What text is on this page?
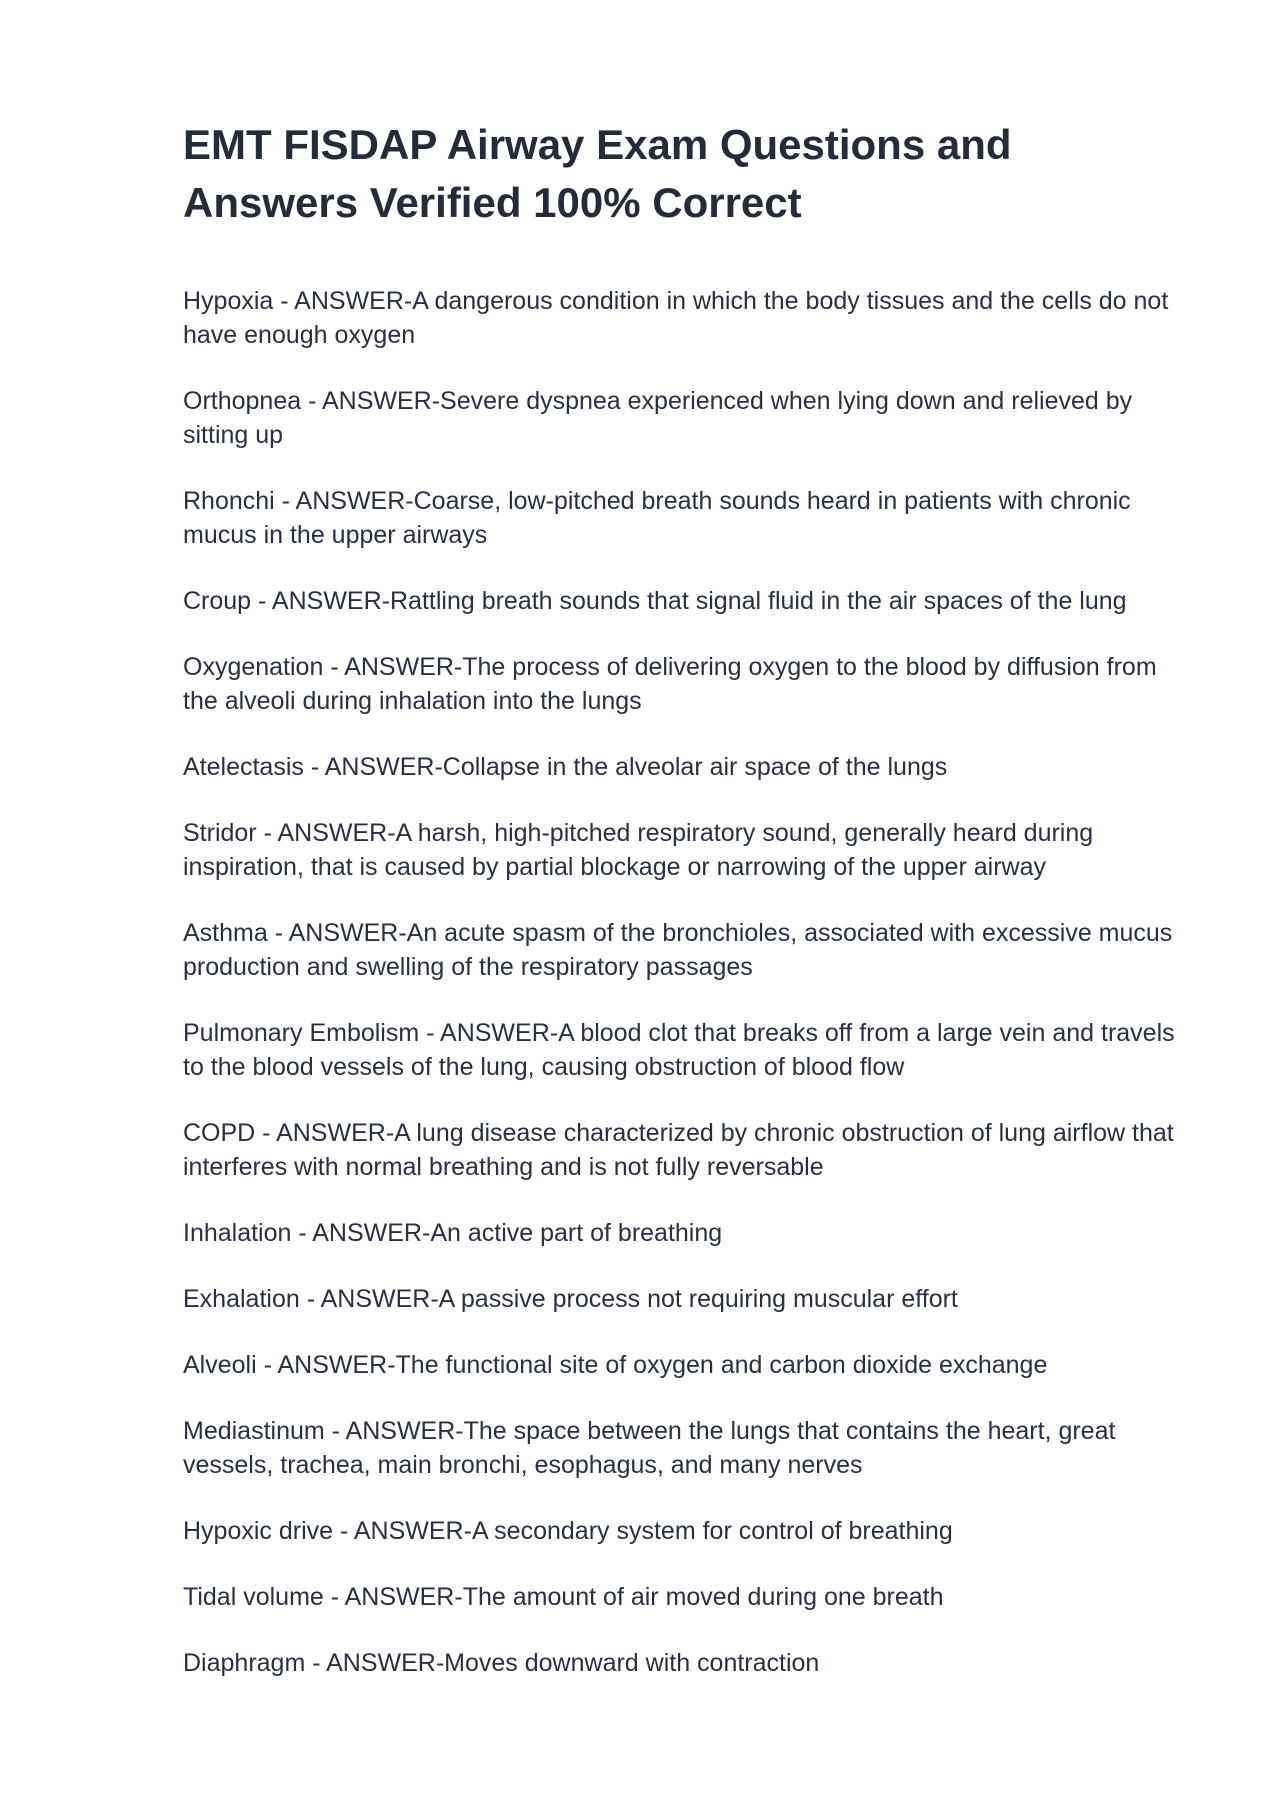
EMT FISDAP Airway Exam Questions and Answers Verified 100% Correct

Hypoxia - ANSWER-A dangerous condition in which the body tissues and the cells do not have enough oxygen

Orthopnea - ANSWER-Severe dyspnea experienced when lying down and relieved by sitting up

Rhonchi - ANSWER-Coarse, low-pitched breath sounds heard in patients with chronic mucus in the upper airways

Croup - ANSWER-Rattling breath sounds that signal fluid in the air spaces of the lung

Oxygenation - ANSWER-The process of delivering oxygen to the blood by diffusion from the alveoli during inhalation into the lungs

Atelectasis - ANSWER-Collapse in the alveolar air space of the lungs

Stridor - ANSWER-A harsh, high-pitched respiratory sound, generally heard during inspiration, that is caused by partial blockage or narrowing of the upper airway

Asthma - ANSWER-An acute spasm of the bronchioles, associated with excessive mucus production and swelling of the respiratory passages

Pulmonary Embolism - ANSWER-A blood clot that breaks off from a large vein and travels to the blood vessels of the lung, causing obstruction of blood flow

COPD - ANSWER-A lung disease characterized by chronic obstruction of lung airflow that interferes with normal breathing and is not fully reversable

Inhalation - ANSWER-An active part of breathing

Exhalation - ANSWER-A passive process not requiring muscular effort

Alveoli - ANSWER-The functional site of oxygen and carbon dioxide exchange

Mediastinum - ANSWER-The space between the lungs that contains the heart, great vessels, trachea, main bronchi, esophagus, and many nerves

Hypoxic drive - ANSWER-A secondary system for control of breathing

Tidal volume - ANSWER-The amount of air moved during one breath

Diaphragm - ANSWER-Moves downward with contraction
